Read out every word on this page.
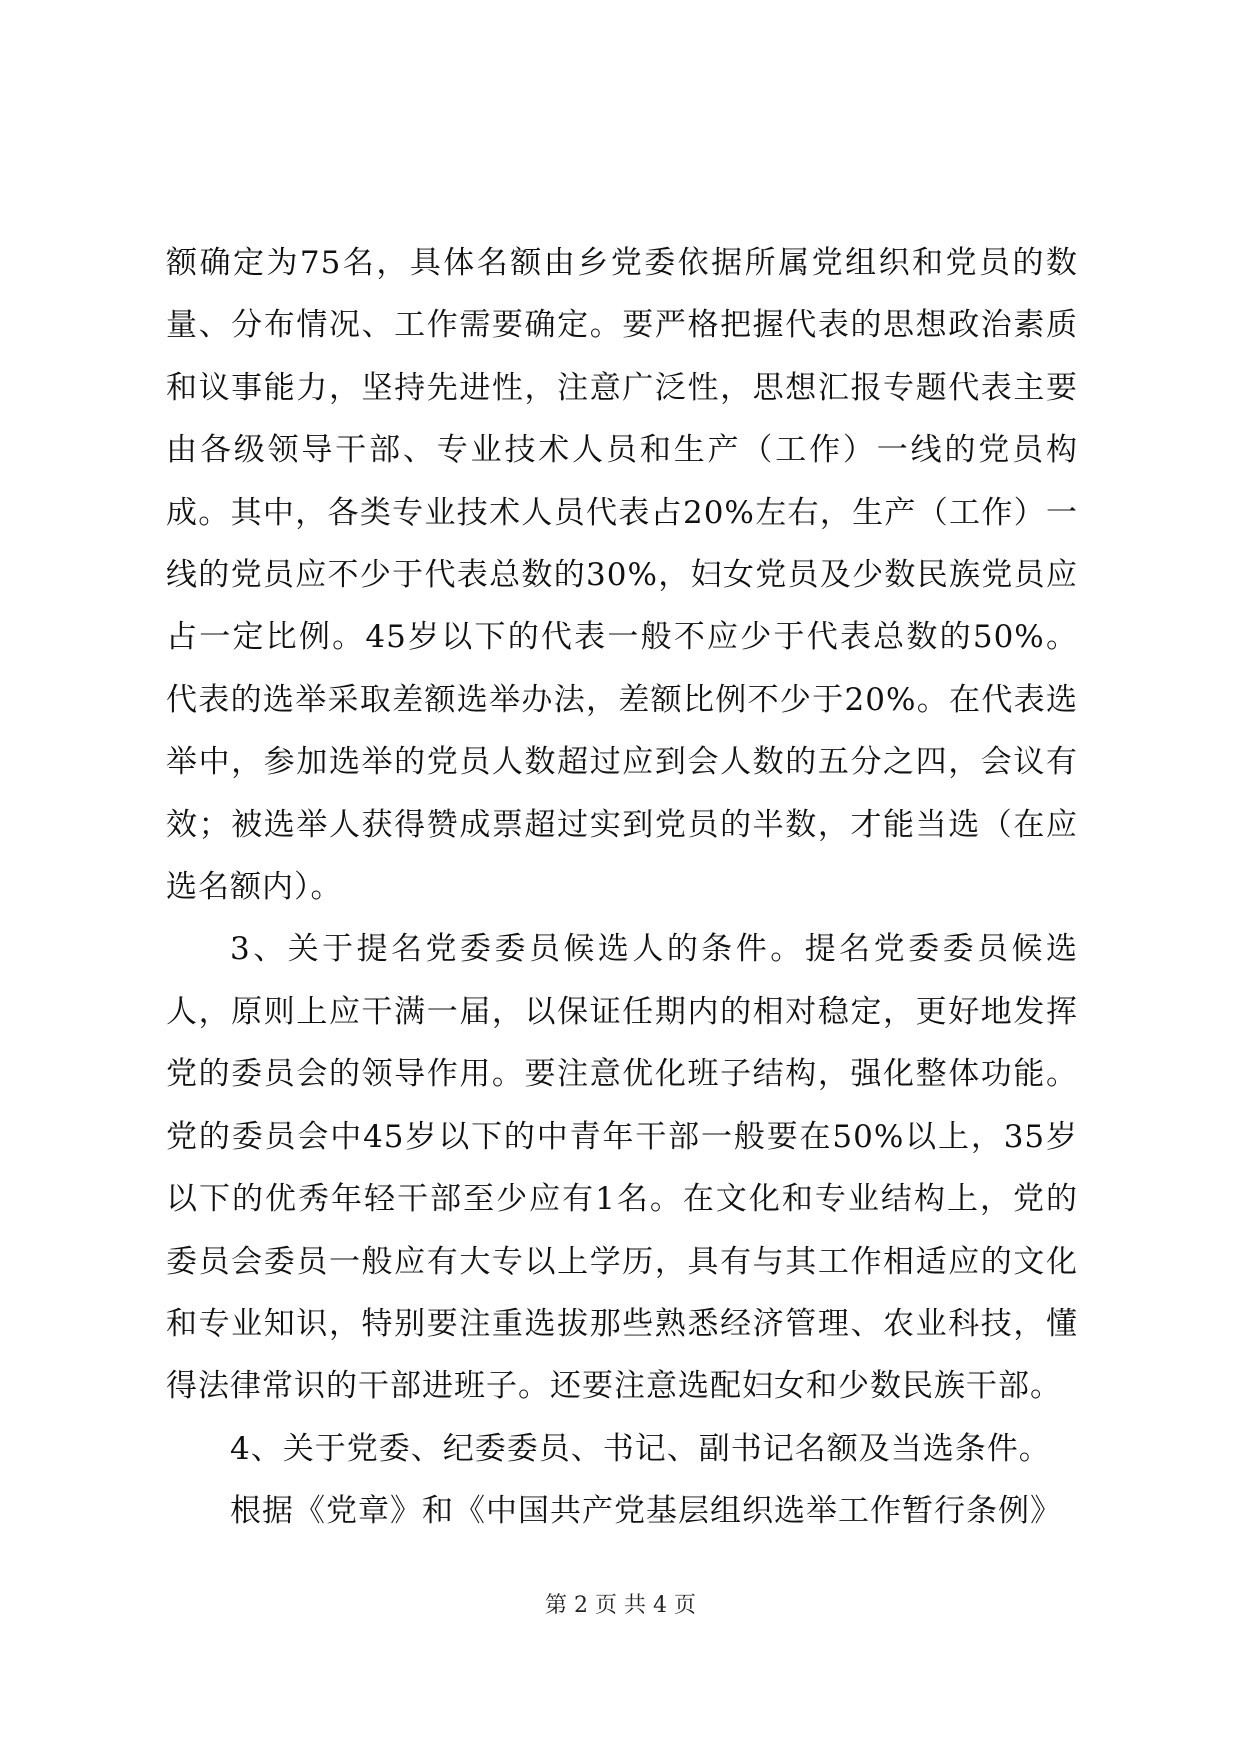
额确定为75名，具体名额由乡党委依据所属党组织和党员的数量、分布情况、工作需要确定。要严格把握代表的思想政治素质和议事能力，坚持先进性，注意广泛性，思想汇报专题代表主要由各级领导干部、专业技术人员和生产（工作）一线的党员构成。其中，各类专业技术人员代表占20%左右，生产（工作）一线的党员应不少于代表总数的30%，妇女党员及少数民族党员应占一定比例。45岁以下的代表一般不应少于代表总数的50%。代表的选举采取差额选举办法，差额比例不少于20%。在代表选举中，参加选举的党员人数超过应到会人数的五分之四，会议有效；被选举人获得赞成票超过实到党员的半数，才能当选（在应选名额内）。

3、关于提名党委委员候选人的条件。提名党委委员候选人，原则上应干满一届，以保证任期内的相对稳定，更好地发挥党的委员会的领导作用。要注意优化班子结构，强化整体功能。党的委员会中45岁以下的中青年干部一般要在50%以上，35岁以下的优秀年轻干部至少应有1名。在文化和专业结构上，党的委员会委员一般应有大专以上学历，具有与其工作相适应的文化和专业知识，特别要注重选拔那些熟悉经济管理、农业科技，懂得法律常识的干部进班子。还要注意选配妇女和少数民族干部。

4、关于党委、纪委委员、书记、副书记名额及当选条件。

根据《党章》和《中国共产党基层组织选举工作暂行条例》

第 2 页 共 4 页
